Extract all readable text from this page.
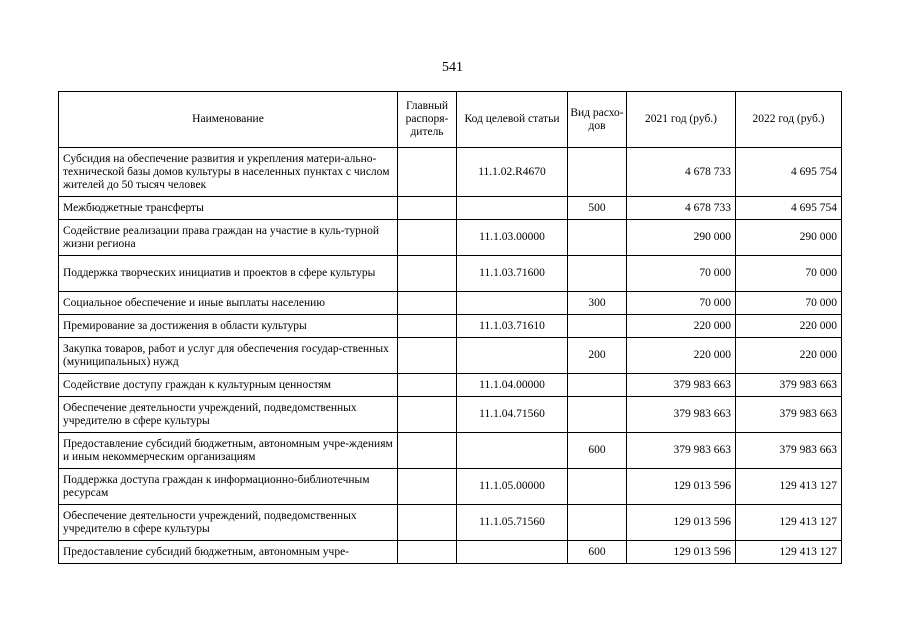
541
Наименование	Главный распоря-дитель	Код целевой статьи	Вид расхо-дов	2021 год (руб.)	2022 год (руб.)
Субсидия на обеспечение развития и укрепления матери-ально-технической базы домов культуры в населенных пунктах с числом жителей до 50 тысяч человек		11.1.02.R4670		4 678 733	4 695 754
Межбюджетные трансферты			500	4 678 733	4 695 754
Содействие реализации права граждан на участие в куль-турной жизни региона		11.1.03.00000		290 000	290 000
Поддержка творческих инициатив и проектов в сфере культуры		11.1.03.71600		70 000	70 000
Социальное обеспечение и иные выплаты населению			300	70 000	70 000
Премирование за достижения в области культуры		11.1.03.71610		220 000	220 000
Закупка товаров, работ и услуг для обеспечения государ-ственных (муниципальных) нужд			200	220 000	220 000
Содействие доступу граждан к культурным ценностям		11.1.04.00000		379 983 663	379 983 663
Обеспечение деятельности учреждений, подведомственных учредителю в сфере культуры		11.1.04.71560		379 983 663	379 983 663
Предоставление субсидий бюджетным, автономным учре-ждениям и иным некоммерческим организациям			600	379 983 663	379 983 663
Поддержка доступа граждан к информационно-библиотечным ресурсам		11.1.05.00000		129 013 596	129 413 127
Обеспечение деятельности учреждений, подведомственных учредителю в сфере культуры		11.1.05.71560		129 013 596	129 413 127
Предоставление субсидий бюджетным, автономным учре-			600	129 013 596	129 413 127
